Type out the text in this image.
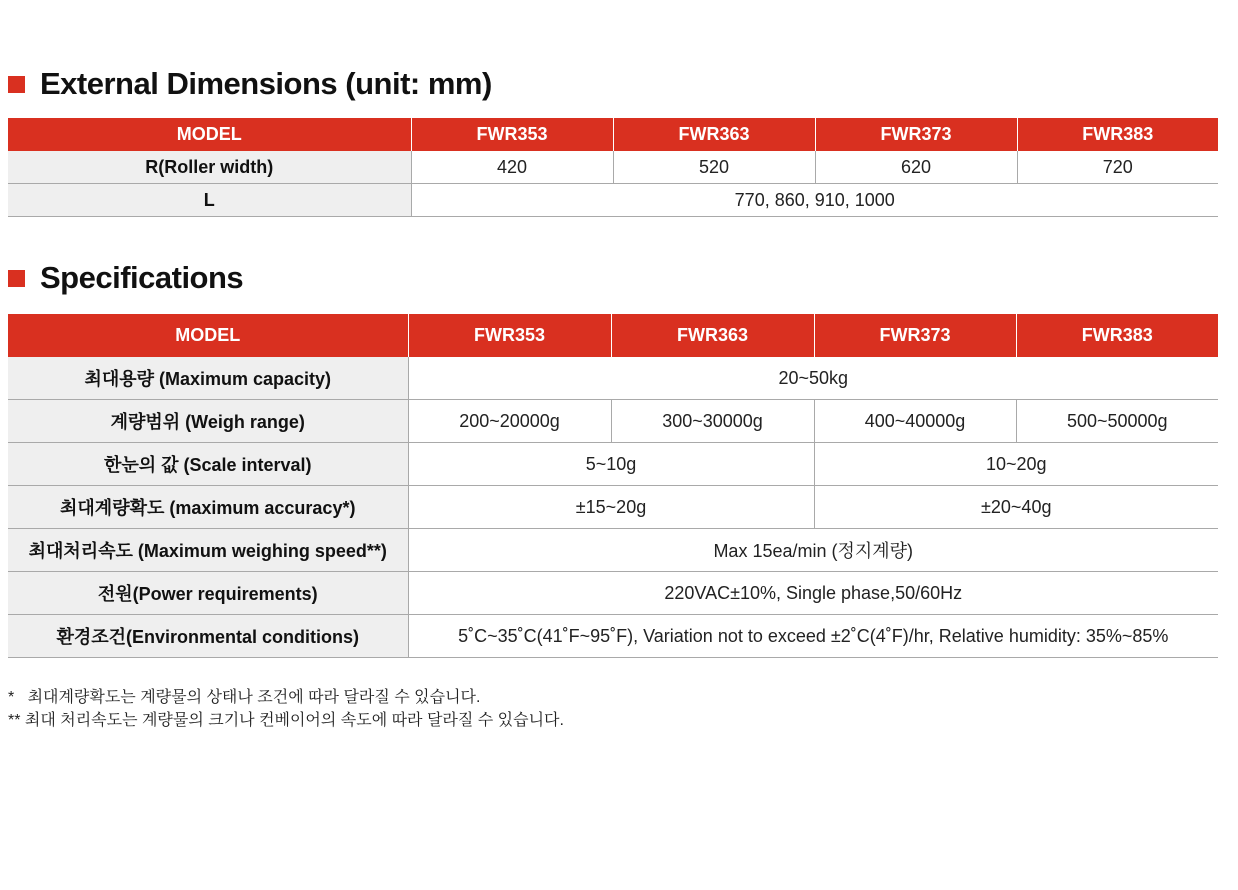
External Dimensions (unit: mm)
MODEL	FWR353	FWR363	FWR373	FWR383
R(Roller width)	420	520	620	720
L	770, 860, 910, 1000			
Specifications
MODEL	FWR353	FWR363	FWR373	FWR383
최대용량 (Maximum capacity)	20~50kg			
계량범위 (Weigh range)	200~20000g	300~30000g	400~40000g	500~50000g
한눈의 값 (Scale interval)	5~10g		10~20g	
최대계량확도 (maximum accuracy*)	±15~20g		±20~40g	
최대처리속도 (Maximum weighing speed**)	Max 15ea/min (정지계량)			
전원(Power requirements)	220VAC±10%, Single phase,50/60Hz			
환경조건(Environmental conditions)	5˚C~35˚C(41˚F~95˚F), Variation not to exceed ±2˚C(4˚F)/hr, Relative humidity: 35%~85%			
*   최대계량확도는 계량물의 상태나 조건에 따라 달라질 수 있습니다.
** 최대 처리속도는 계량물의 크기나 컨베이어의 속도에 따라 달라질 수 있습니다.
